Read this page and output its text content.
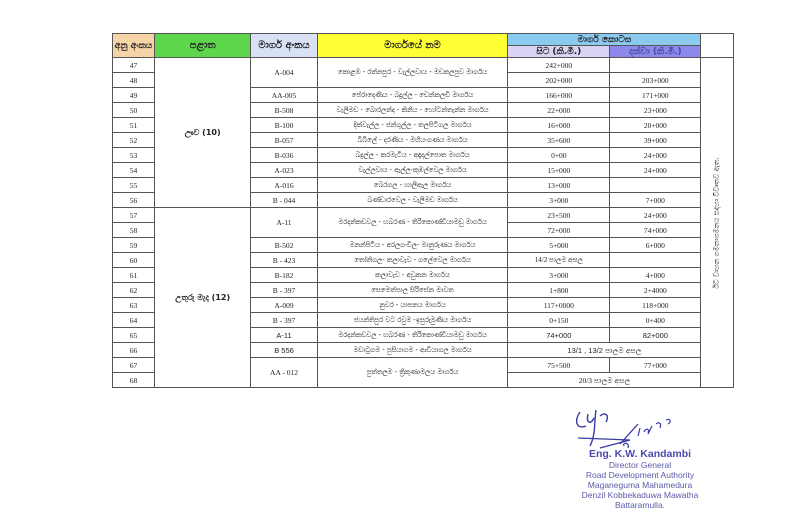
අනු අංකය	පළාත	මාර්ග අංකය	මාර්ගයේ නම	මාර්ග කොටස		
				සිට (කි.මී.)	දක්වා (කි.මී.)	
47	ඌව (10)	A-004	කොළඹ - රත්නපුර - වැල්ලවාය - මඩකලපුව මාර්ගය	242+000		ඊට වාහන ගමනාගමනය සඳහා විවෘතව ඇත.

48				202+000	203+000	
49		AA-005	පේරාදෙණිය - බදුල්ල - චෙන්කලඩි මාර්ගය	166+000	171+000	
50		B-508	වැලිමඩ - බොරලන්ද - කිනිය - හෝටන්තැන්න මාර්ගය	22+000	23+000	
51		B-100	දික්වැල්ල - ජන්ගුල්ල - තලපිටිගල මාර්ගය	16+000	20+000	
52		B-057	බිබිලේ - දරණිය - මහියංගණය මාර්ගය	35+600	39+000	
53		B-036	බදුල්ල - කරමැටිය - අඳෑදල්පොත මාර්ගය	0+00	24+000	
54		A-023	වැල්ලවාය - ඇල්ල-කුඹල්වෙල මාර්ගය	15+000	24+000	
55		A-016	බෙරගල - හාලිඇල මාර්ගය	13+000		
56		B - 044	බණ්ඩාරවෙල - වැලිමඩ මාර්ගය	3+000	7+000	
57	උතුරු මැද (12)	A-11	මරදන්කඩවල - හබරණ - තිරිකොණ්ඩියාමඩු මාර්ගය	23+500	24+000	
58				72+000	74+000	
59		B-502	මනන්පිටිය - අරලගංවිල- මානුරුණය මාර්ගය	5+000	6+000	
60		B - 423	තෝනිගල- කලාවැව - ගලේවෙල මාර්ගය	14/2 පාලම අසල		
61		B-182	කලාවැව - අවුකන මාර්ගය	3+000	4+000	
62		B - 397	සෙමෙත්පාල සිරිසේන මාවත	1+800	2+4000	
63		A-009	නුවර - යාපනය මාර්ගය	117+0000	118+000	
64		B - 397	ජයන්තිපුර වට රවුම -ඉසුරුමුණිය මාර්ගය	0+150	0+400	
65		A-11	මරදන්කඩවල - හබරණ - තිරිකොණ්ඩියාමඩු මාර්ගය	74+000	82+000	
66		B 556	මඩාටුගම - පුසියාගම - ආඩියාගල මාර්ගය	13/1 , 13/2 පාලම අසල		
67		AA - 012	පුත්තලම - ත්‍රිකුණාමලය මාර්ගය	75+500	77+000	
68				20/3 පාලම අසල		
Eng. K.W. Kandambi
Director General
Road Development Authority
Maganeguma Mahamedura
Denzil Kobbekaduwa Mawatha
Battaramulla.
